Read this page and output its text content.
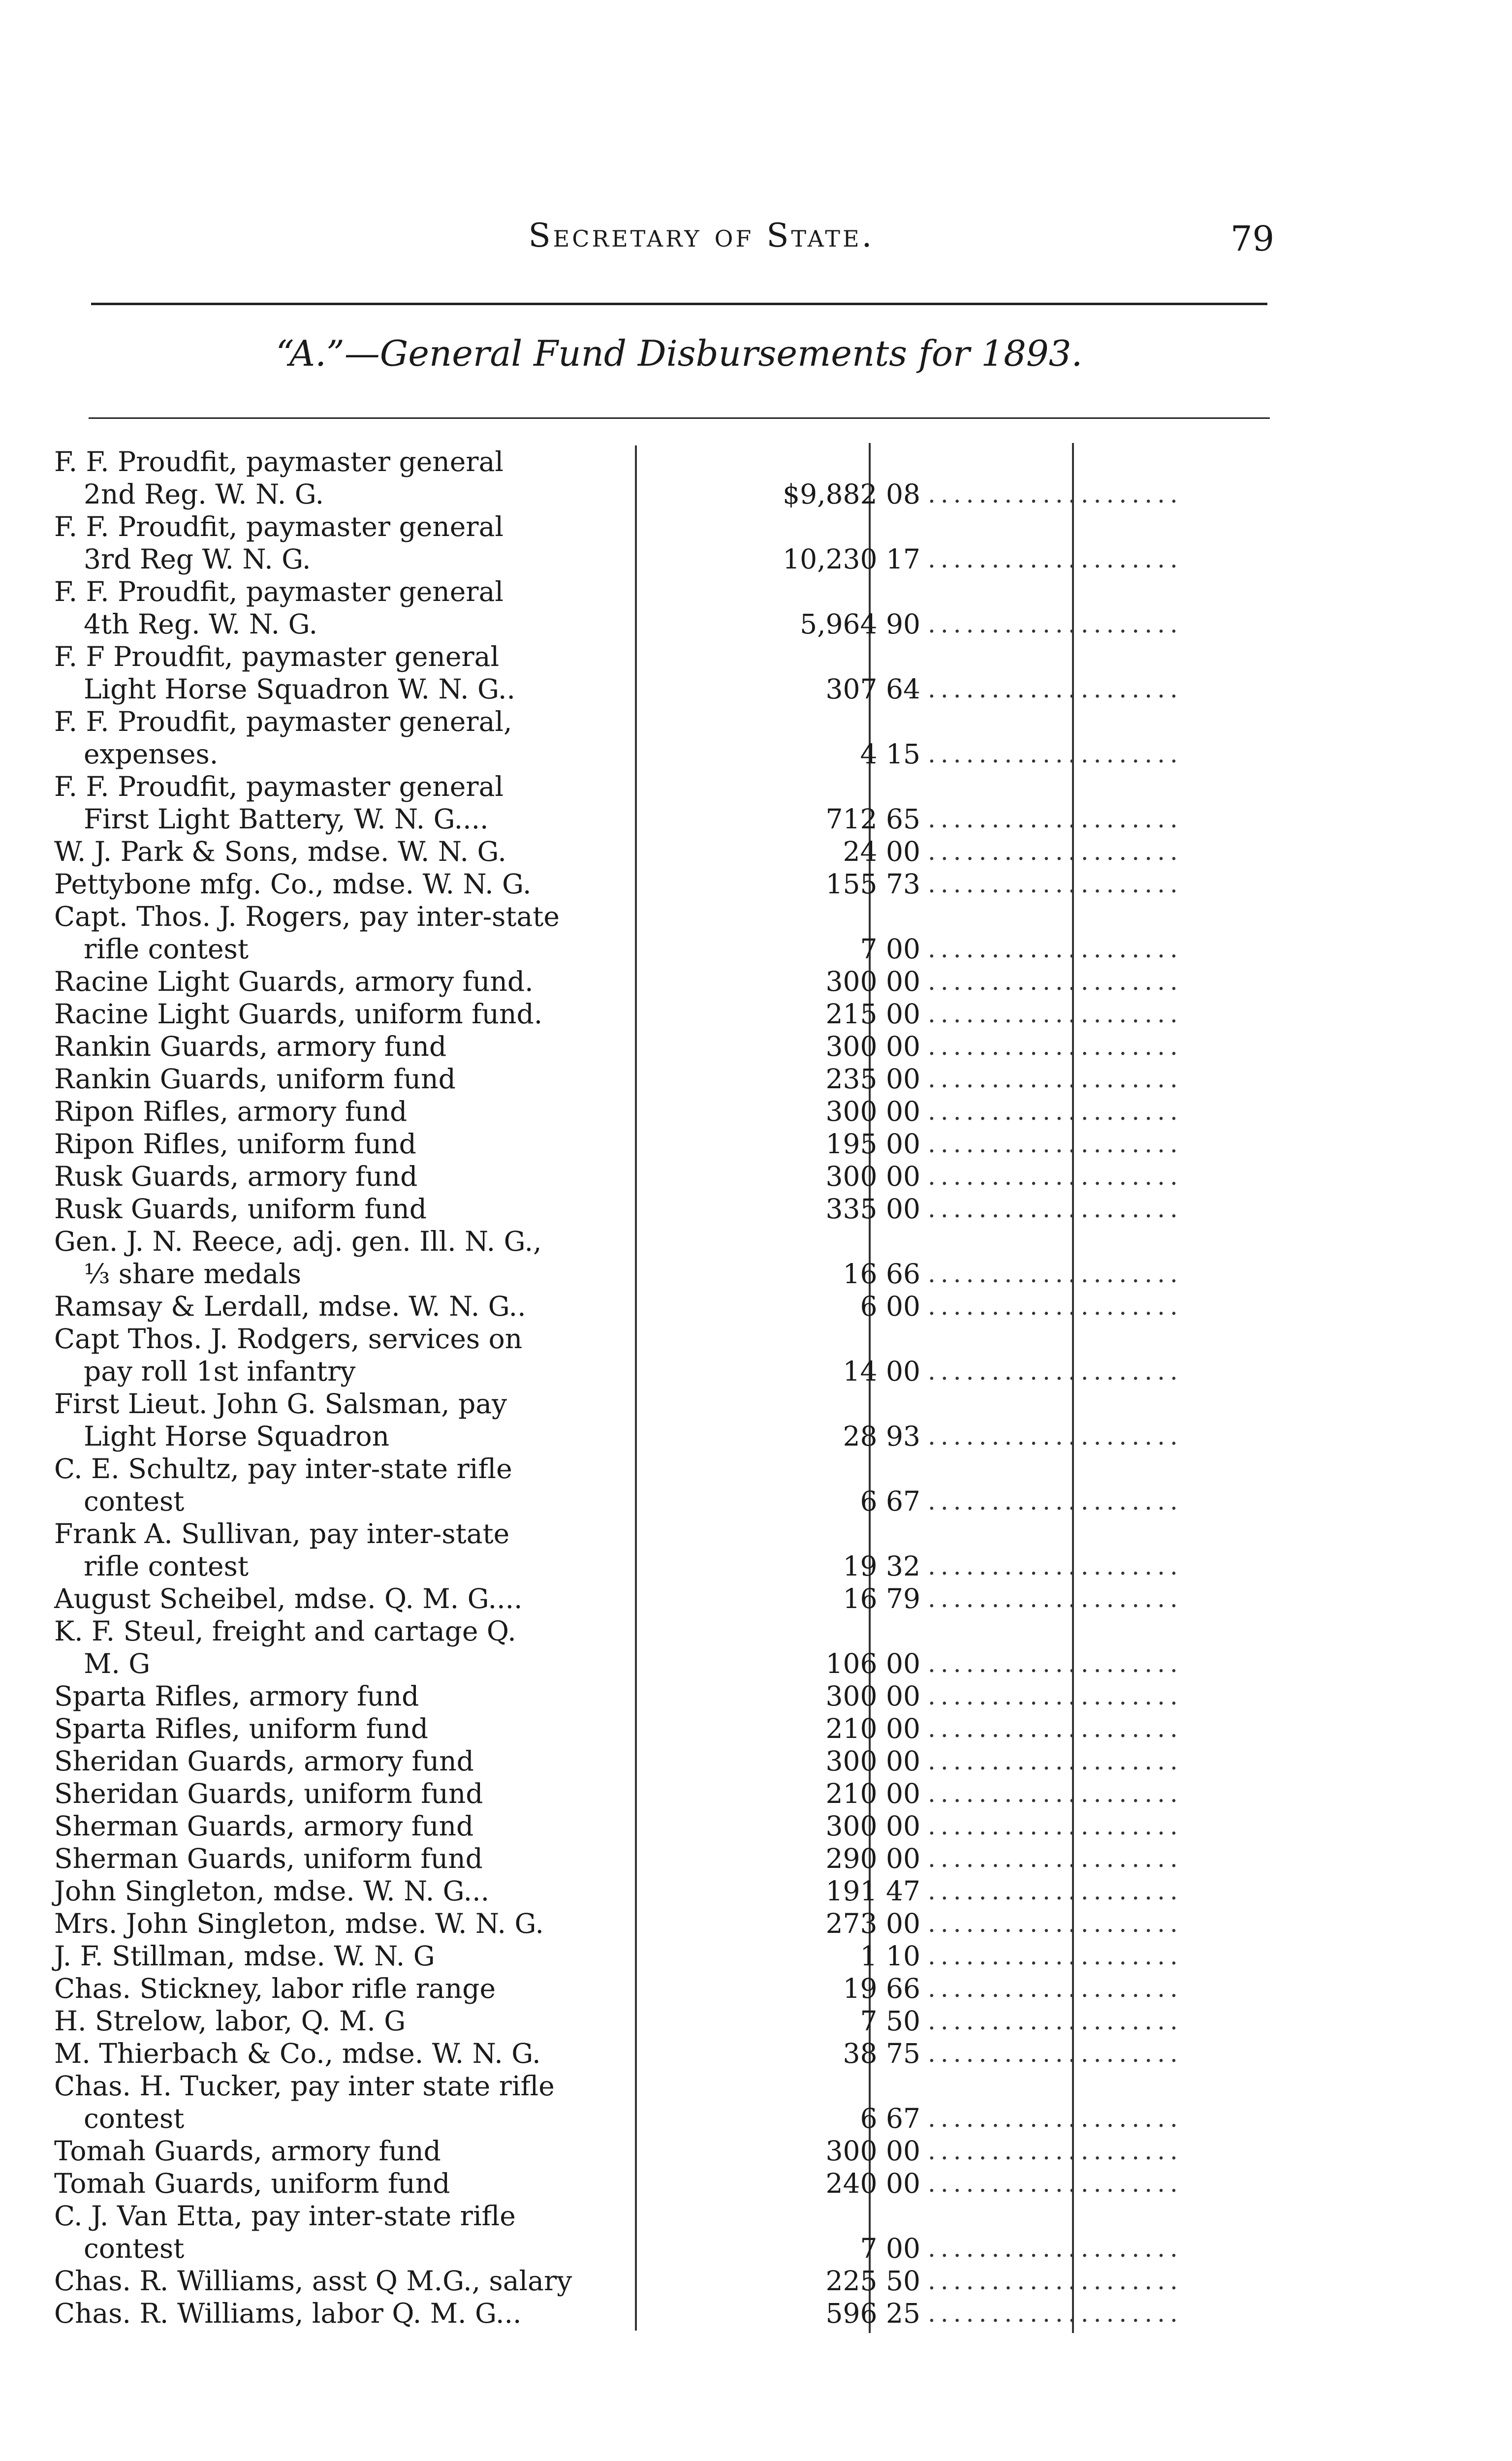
Secretary of State.	79
“A.”—General Fund Disbursements for 1893.
F. F. Proudfit, paymaster general
2nd Reg. W. N. G.	$9,882 08 ....................
F. F. Proudfit, paymaster general
3rd Reg W. N. G.	10,230 17 ....................
F. F. Proudfit, paymaster general
4th Reg. W. N. G.	5,964 90 ....................
F. F Proudfit, paymaster general
Light Horse Squadron W. N. G..	307 64 ....................
F. F. Proudfit, paymaster general,
expenses.	4 15 ....................
F. F. Proudfit, paymaster general
First Light Battery, W. N. G....	712 65 ....................
W. J. Park & Sons, mdse. W. N. G.	24 00 ....................
Pettybone mfg. Co., mdse. W. N. G.	155 73 ....................
Capt. Thos. J. Rogers, pay inter-state
rifle contest	7 00 ....................
Racine Light Guards, armory fund.	300 00 ....................
Racine Light Guards, uniform fund.	215 00 ....................
Rankin Guards, armory fund	300 00 ....................
Rankin Guards, uniform fund	235 00 ....................
Ripon Rifles, armory fund	300 00 ....................
Ripon Rifles, uniform fund	195 00 ....................
Rusk Guards, armory fund	300 00 ....................
Rusk Guards, uniform fund	335 00 ....................
Gen. J. N. Reece, adj. gen. Ill. N. G.,
⅓ share medals	16 66 ....................
Ramsay & Lerdall, mdse. W. N. G..	6 00 ....................
Capt Thos. J. Rodgers, services on
pay roll 1st infantry	14 00 ....................
First Lieut. John G. Salsman, pay
Light Horse Squadron	28 93 ....................
C. E. Schultz, pay inter-state rifle
contest	6 67 ....................
Frank A. Sullivan, pay inter-state
rifle contest	19 32 ....................
August Scheibel, mdse. Q. M. G....	16 79 ....................
K. F. Steul, freight and cartage Q.
M. G	106 00 ....................
Sparta Rifles, armory fund	300 00 ....................
Sparta Rifles, uniform fund	210 00 ....................
Sheridan Guards, armory fund	300 00 ....................
Sheridan Guards, uniform fund	210 00 ....................
Sherman Guards, armory fund	300 00 ....................
Sherman Guards, uniform fund	290 00 ....................
John Singleton, mdse. W. N. G...	191 47 ....................
Mrs. John Singleton, mdse. W. N. G.	273 00 ....................
J. F. Stillman, mdse. W. N. G	1 10 ....................
Chas. Stickney, labor rifle range	19 66 ....................
H. Strelow, labor, Q. M. G	7 50 ....................
M. Thierbach & Co., mdse. W. N. G.	38 75 ....................
Chas. H. Tucker, pay inter state rifle
contest	6 67 ....................
Tomah Guards, armory fund	300 00 ....................
Tomah Guards, uniform fund	240 00 ....................
C. J. Van Etta, pay inter-state rifle
contest	7 00 ....................
Chas. R. Williams, asst Q M.G., salary	225 50 ....................
Chas. R. Williams, labor Q. M. G...	596 25 ....................
